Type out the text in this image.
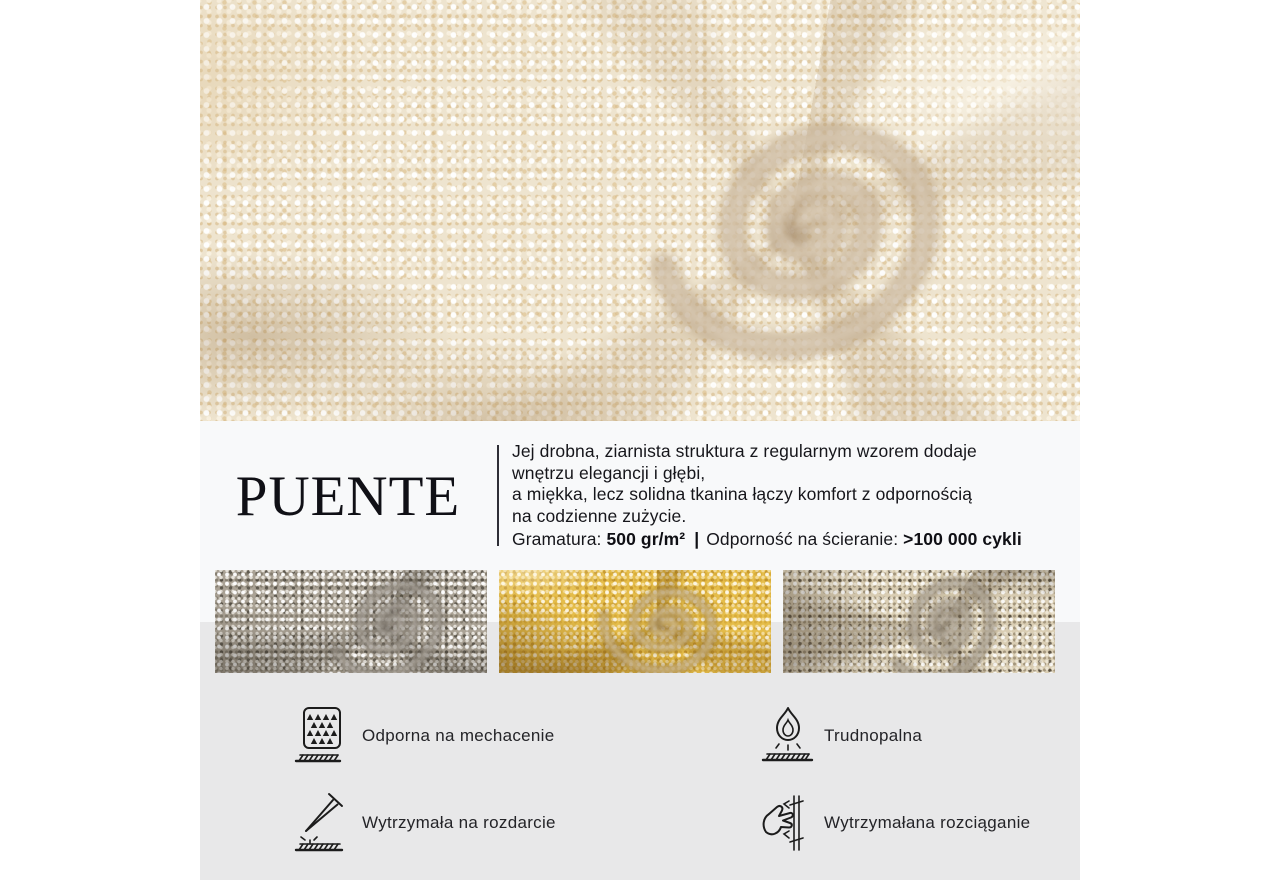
PUENTE
Jej drobna, ziarnista struktura z regularnym wzorem dodaje
wnętrzu elegancji i głębi,
a miękka, lecz solidna tkanina łączy komfort z odpornością
na codzienne zużycie.
Gramatura: 500 gr/m² | Odporność na ścieranie: >100 000 cykli
Odporna na mechacenie	Trudnopalna
Wytrzymała na rozdarcie	Wytrzymałana rozciąganie
